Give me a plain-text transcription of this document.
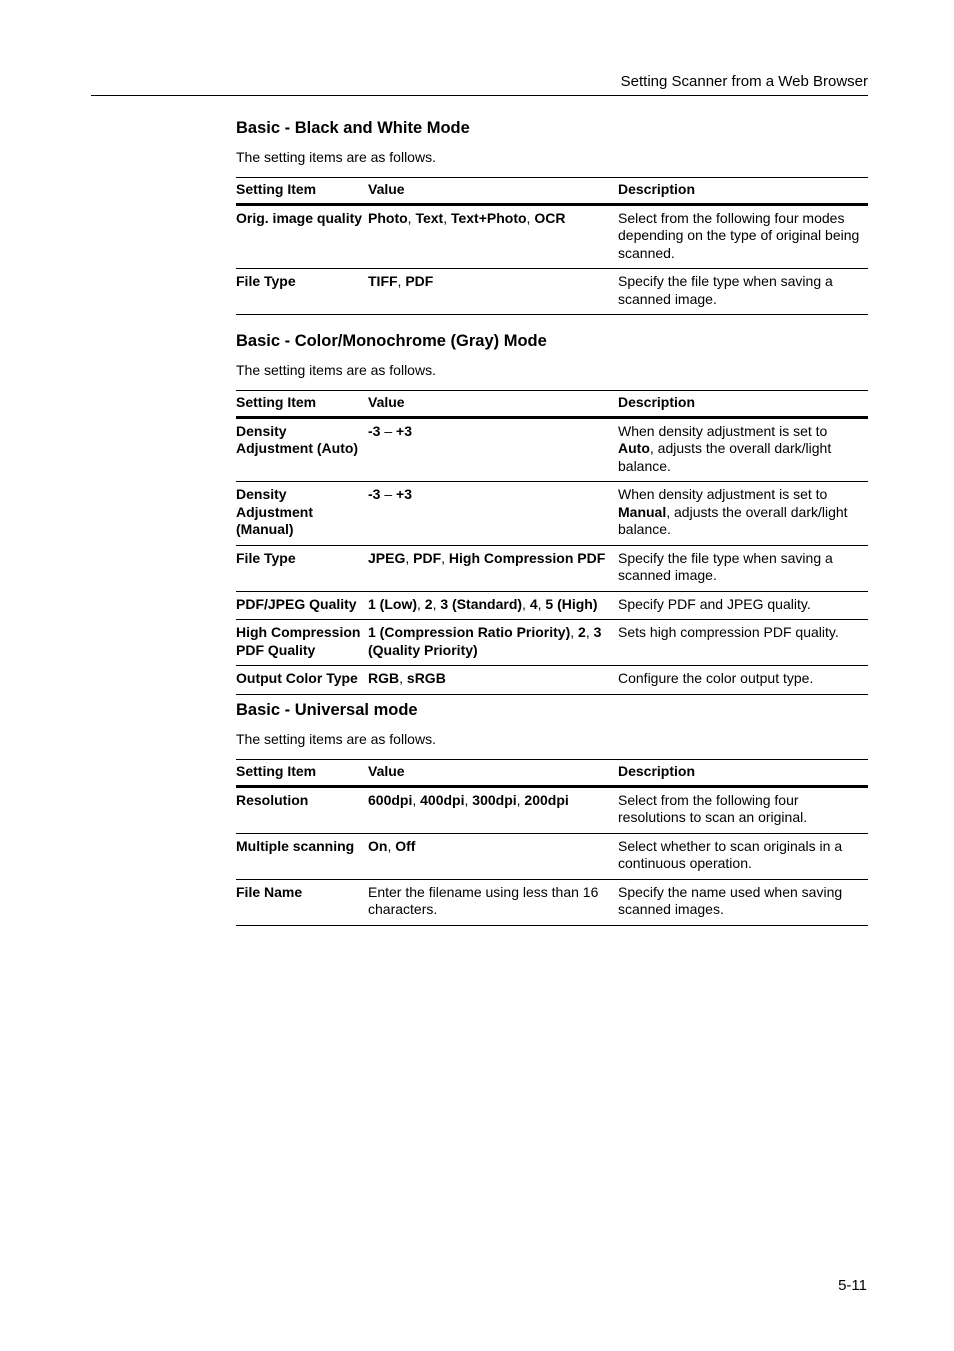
Setting Scanner from a Web Browser
Basic - Black and White Mode

The setting items are as follows.

Setting Item	Value	Description
Orig. image quality	Photo, Text, Text+Photo, OCR	Select from the following four modes depending on the type of original being scanned.
File Type	TIFF, PDF	Specify the file type when saving a scanned image.
Basic - Color/Monochrome (Gray) Mode

The setting items are as follows.

Setting Item	Value	Description
Density Adjustment (Auto)	-3 – +3	When density adjustment is set to Auto, adjusts the overall dark/light balance.
Density Adjustment (Manual)	-3 – +3	When density adjustment is set to Manual, adjusts the overall dark/light balance.
File Type	JPEG, PDF, High Compression PDF	Specify the file type when saving a scanned image.
PDF/JPEG Quality	1 (Low), 2, 3 (Standard), 4, 5 (High)	Specify PDF and JPEG quality.
High Compression PDF Quality	1 (Compression Ratio Priority), 2, 3 (Quality Priority)	Sets high compression PDF quality.
Output Color Type	RGB, sRGB	Configure the color output type.
Basic - Universal mode

The setting items are as follows.

Setting Item	Value	Description
Resolution	600dpi, 400dpi, 300dpi, 200dpi	Select from the following four resolutions to scan an original.
Multiple scanning	On, Off	Select whether to scan originals in a continuous operation.
File Name	Enter the filename using less than 16 characters.	Specify the name used when saving scanned images.
5-11
